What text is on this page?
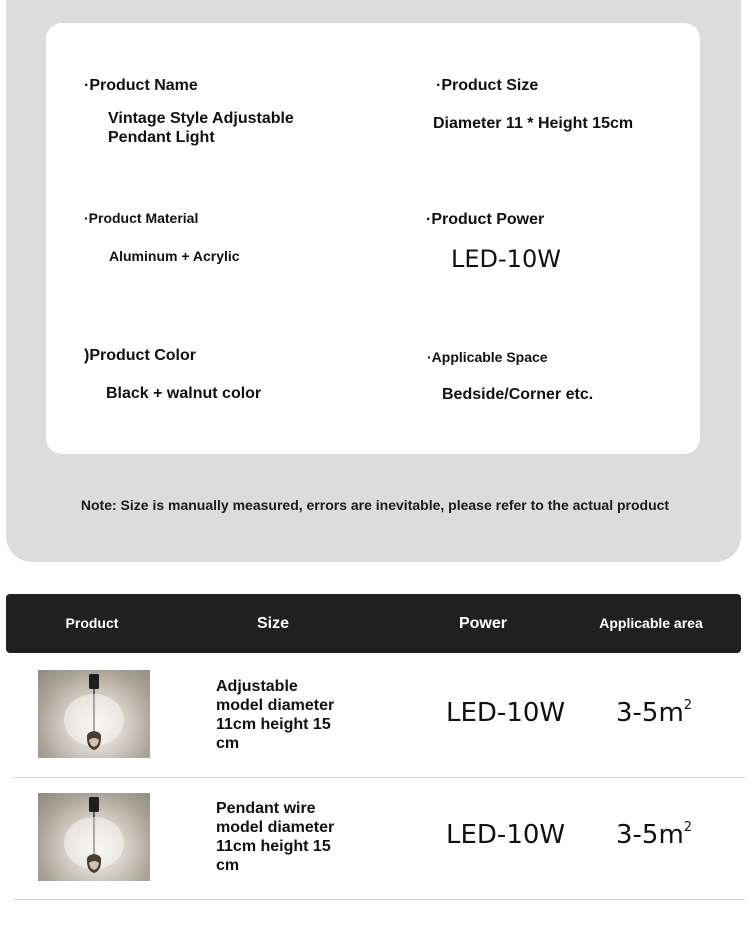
·Product Name
Vintage Style Adjustable
Pendant Light
·Product Size
Diameter 11 * Height 15cm
·Product Material
Aluminum + Acrylic
·Product Power
LED-10W
)Product Color
Black + walnut color
·Applicable Space
Bedside/Corner etc.
Note: Size is manually measured, errors are inevitable, please refer to the actual product
Product	Size	Power	Applicable area
Adjustable
model diameter
11cm height 15
cm
LED-10W $3-5m^2$
Pendant wire
model diameter
11cm height 15
cm
LED-10W $3-5m^2$
